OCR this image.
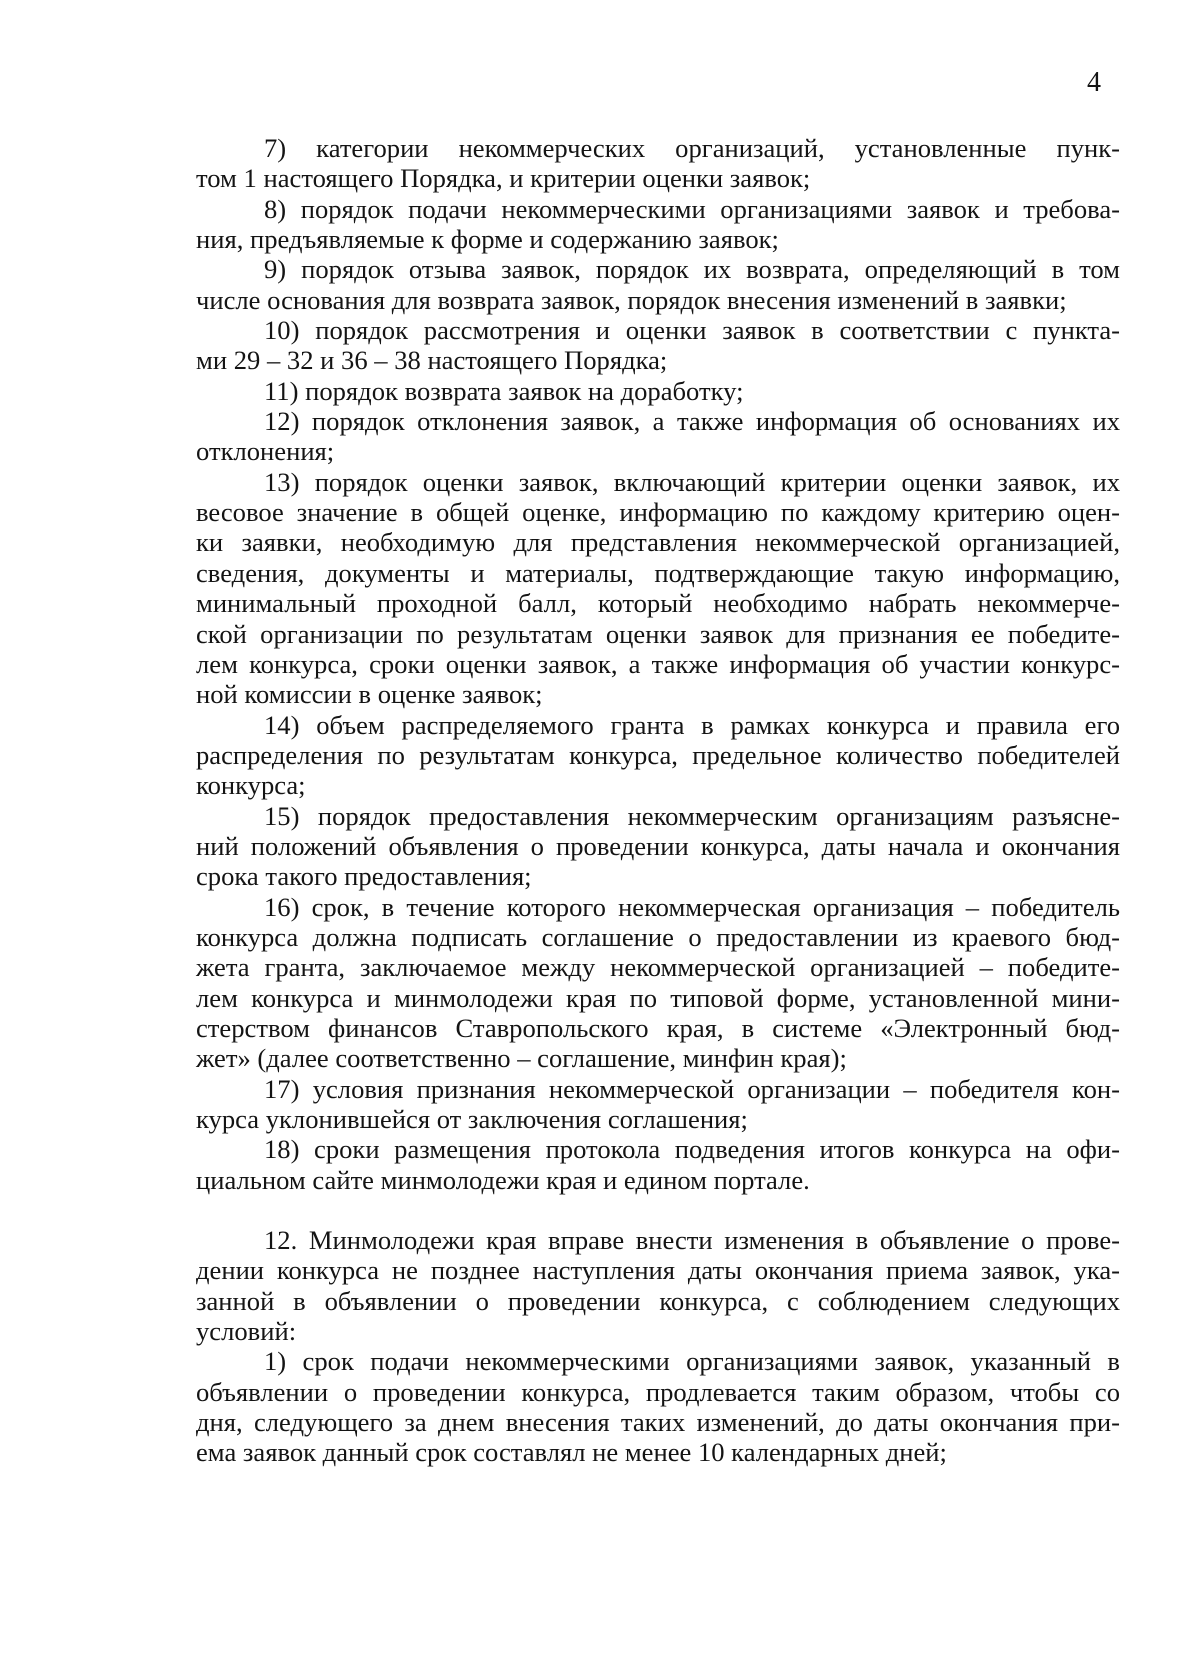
4
7) категории некоммерческих организаций, установленные пунк-
том 1 настоящего Порядка, и критерии оценки заявок;
8) порядок подачи некоммерческими организациями заявок и требова-
ния, предъявляемые к форме и содержанию заявок;
9) порядок отзыва заявок, порядок их возврата, определяющий в том
числе основания для возврата заявок, порядок внесения изменений в заявки;
10) порядок рассмотрения и оценки заявок в соответствии с пункта-
ми 29 – 32 и 36 – 38 настоящего Порядка;
11) порядок возврата заявок на доработку;
12) порядок отклонения заявок, а также информация об основаниях их
отклонения;
13) порядок оценки заявок, включающий критерии оценки заявок, их
весовое значение в общей оценке, информацию по каждому критерию оцен-
ки заявки, необходимую для представления некоммерческой организацией,
сведения, документы и материалы, подтверждающие такую информацию,
минимальный проходной балл, который необходимо набрать некоммерче-
ской организации по результатам оценки заявок для признания ее победите-
лем конкурса, сроки оценки заявок, а также информация об участии конкурс-
ной комиссии в оценке заявок;
14) объем распределяемого гранта в рамках конкурса и правила его
распределения по результатам конкурса, предельное количество победителей
конкурса;
15) порядок предоставления некоммерческим организациям разъясне-
ний положений объявления о проведении конкурса, даты начала и окончания
срока такого предоставления;
16) срок, в течение которого некоммерческая организация – победитель
конкурса должна подписать соглашение о предоставлении из краевого бюд-
жета гранта, заключаемое между некоммерческой организацией – победите-
лем конкурса и минмолодежи края по типовой форме, установленной мини-
стерством финансов Ставропольского края, в системе «Электронный бюд-
жет» (далее соответственно – соглашение, минфин края);
17) условия признания некоммерческой организации – победителя кон-
курса уклонившейся от заключения соглашения;
18) сроки размещения протокола подведения итогов конкурса на офи-
циальном сайте минмолодежи края и едином портале.
12. Минмолодежи края вправе внести изменения в объявление о прове-
дении конкурса не позднее наступления даты окончания приема заявок, ука-
занной в объявлении о проведении конкурса, с соблюдением следующих
условий:
1) срок подачи некоммерческими организациями заявок, указанный в
объявлении о проведении конкурса, продлевается таким образом, чтобы со
дня, следующего за днем внесения таких изменений, до даты окончания при-
ема заявок данный срок составлял не менее 10 календарных дней;
